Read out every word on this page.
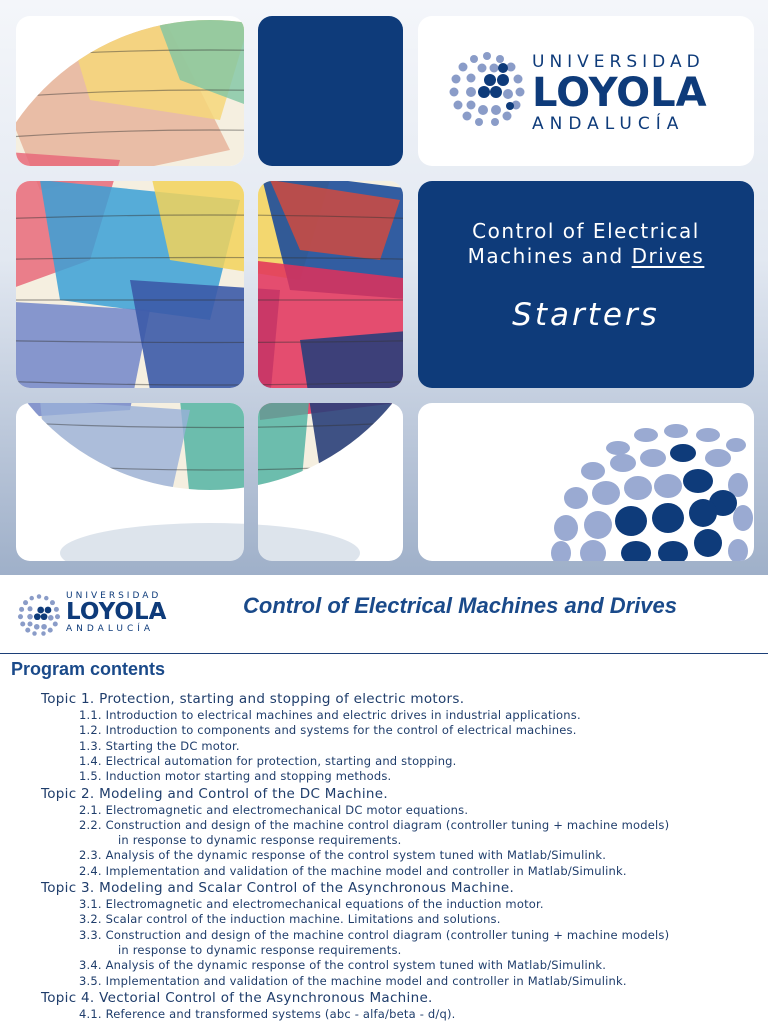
UNIVERSIDAD
LOYOLA
ANDALUCÍA
Control of Electrical
Machines and Drives
Starters
UNIVERSIDAD
LOYOLA
ANDALUCÍA
Control of Electrical Machines and Drives
Program contents
Topic 1. Protection, starting and stopping of electric motors.
1.1. Introduction to electrical machines and electric drives in industrial applications.
1.2. Introduction to components and systems for the control of electrical machines.
1.3. Starting the DC motor.
1.4. Electrical automation for protection, starting and stopping.
1.5. Induction motor starting and stopping methods.
Topic 2. Modeling and Control of the DC Machine.
2.1. Electromagnetic and electromechanical DC motor equations.
2.2. Construction and design of the machine control diagram (controller tuning + machine models)
in response to dynamic response requirements.
2.3. Analysis of the dynamic response of the control system tuned with Matlab/Simulink.
2.4. Implementation and validation of the machine model and controller in Matlab/Simulink.
Topic 3. Modeling and Scalar Control of the Asynchronous Machine.
3.1. Electromagnetic and electromechanical equations of the induction motor.
3.2. Scalar control of the induction machine. Limitations and solutions.
3.3. Construction and design of the machine control diagram (controller tuning + machine models)
in response to dynamic response requirements.
3.4. Analysis of the dynamic response of the control system tuned with Matlab/Simulink.
3.5. Implementation and validation of the machine model and controller in Matlab/Simulink.
Topic 4. Vectorial Control of the Asynchronous Machine.
4.1. Reference and transformed systems (abc - alfa/beta - d/q).
